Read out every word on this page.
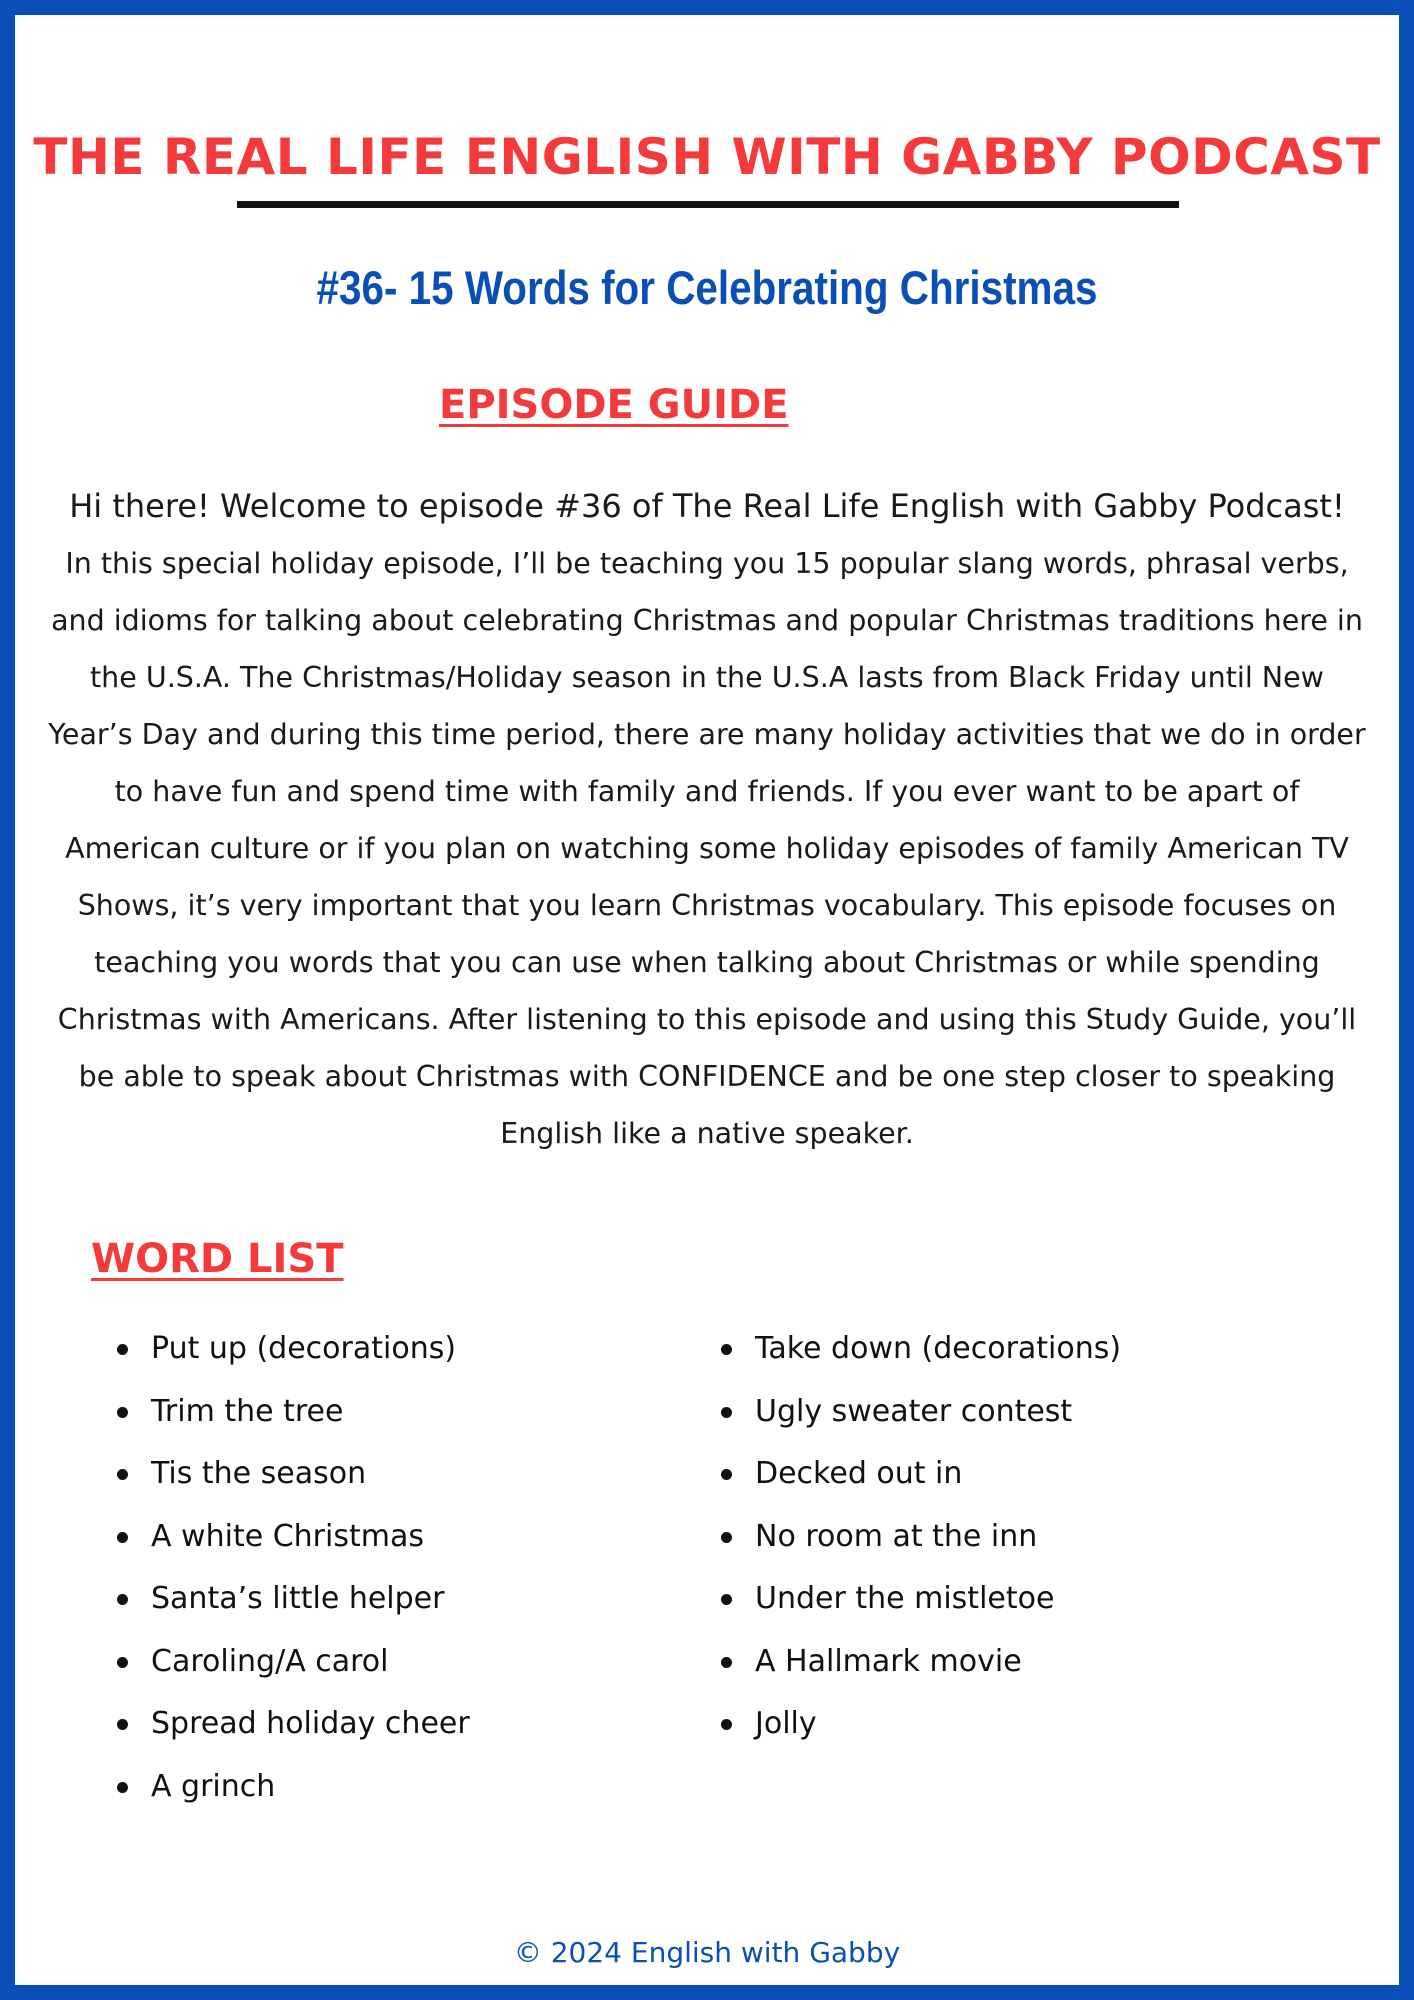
THE REAL LIFE ENGLISH WITH GABBY PODCAST
#36- 15 Words for Celebrating Christmas
EPISODE GUIDE

Hi there! Welcome to episode #36 of The Real Life English with Gabby Podcast!
In this special holiday episode, I’ll be teaching you 15 popular slang words, phrasal verbs, and idioms for talking about celebrating Christmas and popular Christmas traditions here in the U.S.A. The Christmas/Holiday season in the U.S.A lasts from Black Friday until New Year’s Day and during this time period, there are many holiday activities that we do in order to have fun and spend time with family and friends. If you ever want to be apart of American culture or if you plan on watching some holiday episodes of family American TV Shows, it’s very important that you learn Christmas vocabulary. This episode focuses on teaching you words that you can use when talking about Christmas or while spending Christmas with Americans. After listening to this episode and using this Study Guide, you’ll be able to speak about Christmas with CONFIDENCE and be one step closer to speaking English like a native speaker.

WORD LIST
Put up (decorations)
Trim the tree
Tis the season
A white Christmas
Santa’s little helper
Caroling/A carol
Spread holiday cheer
A grinch
Take down (decorations)
Ugly sweater contest
Decked out in
No room at the inn
Under the mistletoe
A Hallmark movie
Jolly
© 2024 English with Gabby
